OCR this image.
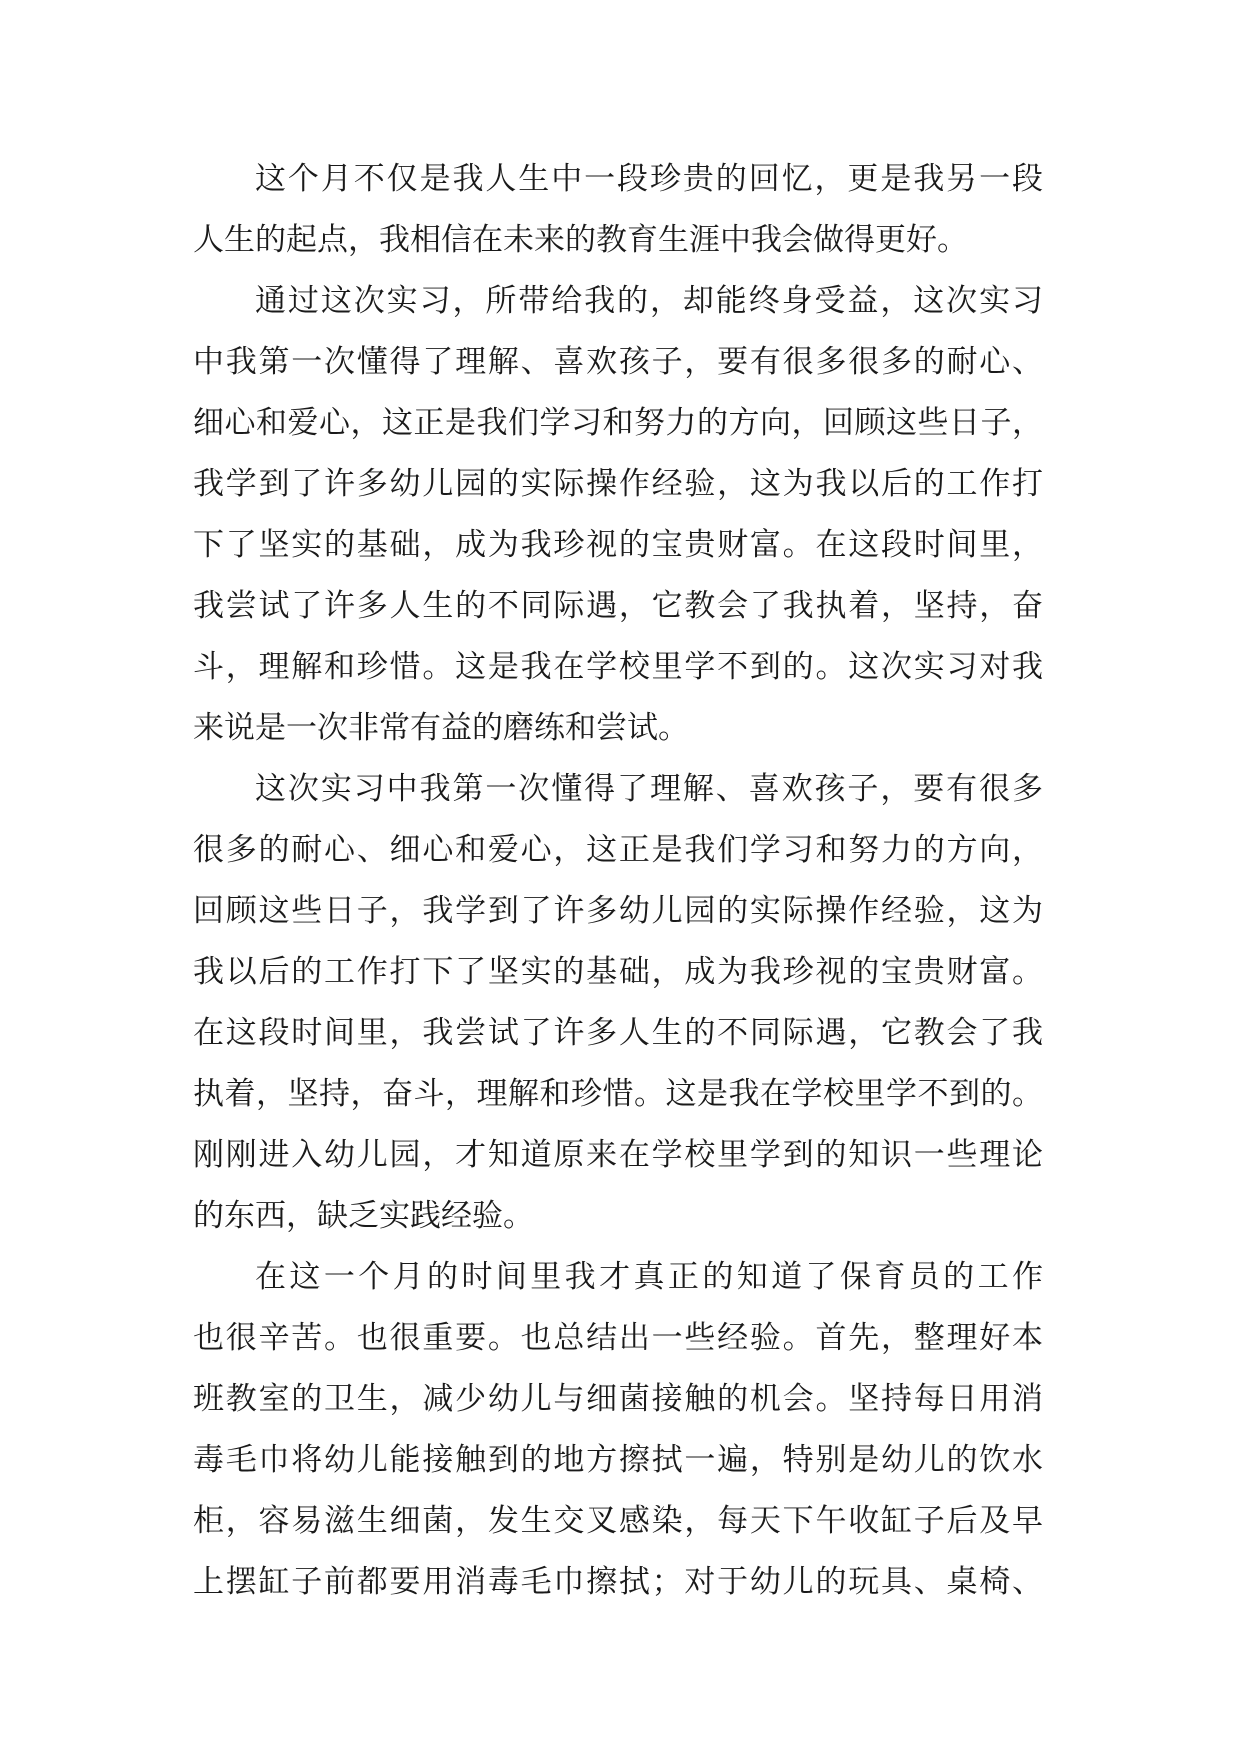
这个月不仅是我人生中一段珍贵的回忆，更是我另一段
人生的起点，我相信在未来的教育生涯中我会做得更好。
通过这次实习，所带给我的，却能终身受益，这次实习
中我第一次懂得了理解、喜欢孩子，要有很多很多的耐心、
细心和爱心，这正是我们学习和努力的方向，回顾这些日子，
我学到了许多幼儿园的实际操作经验，这为我以后的工作打
下了坚实的基础，成为我珍视的宝贵财富。在这段时间里，
我尝试了许多人生的不同际遇，它教会了我执着，坚持，奋
斗，理解和珍惜。这是我在学校里学不到的。这次实习对我
来说是一次非常有益的磨练和尝试。
这次实习中我第一次懂得了理解、喜欢孩子，要有很多
很多的耐心、细心和爱心，这正是我们学习和努力的方向，
回顾这些日子，我学到了许多幼儿园的实际操作经验，这为
我以后的工作打下了坚实的基础，成为我珍视的宝贵财富。
在这段时间里，我尝试了许多人生的不同际遇，它教会了我
执着，坚持，奋斗，理解和珍惜。这是我在学校里学不到的。
刚刚进入幼儿园，才知道原来在学校里学到的知识一些理论
的东西，缺乏实践经验。
在这一个月的时间里我才真正的知道了保育员的工作
也很辛苦。也很重要。也总结出一些经验。首先，整理好本
班教室的卫生，减少幼儿与细菌接触的机会。坚持每日用消
毒毛巾将幼儿能接触到的地方擦拭一遍，特别是幼儿的饮水
柜，容易滋生细菌，发生交叉感染，每天下午收缸子后及早
上摆缸子前都要用消毒毛巾擦拭；对于幼儿的玩具、桌椅、
